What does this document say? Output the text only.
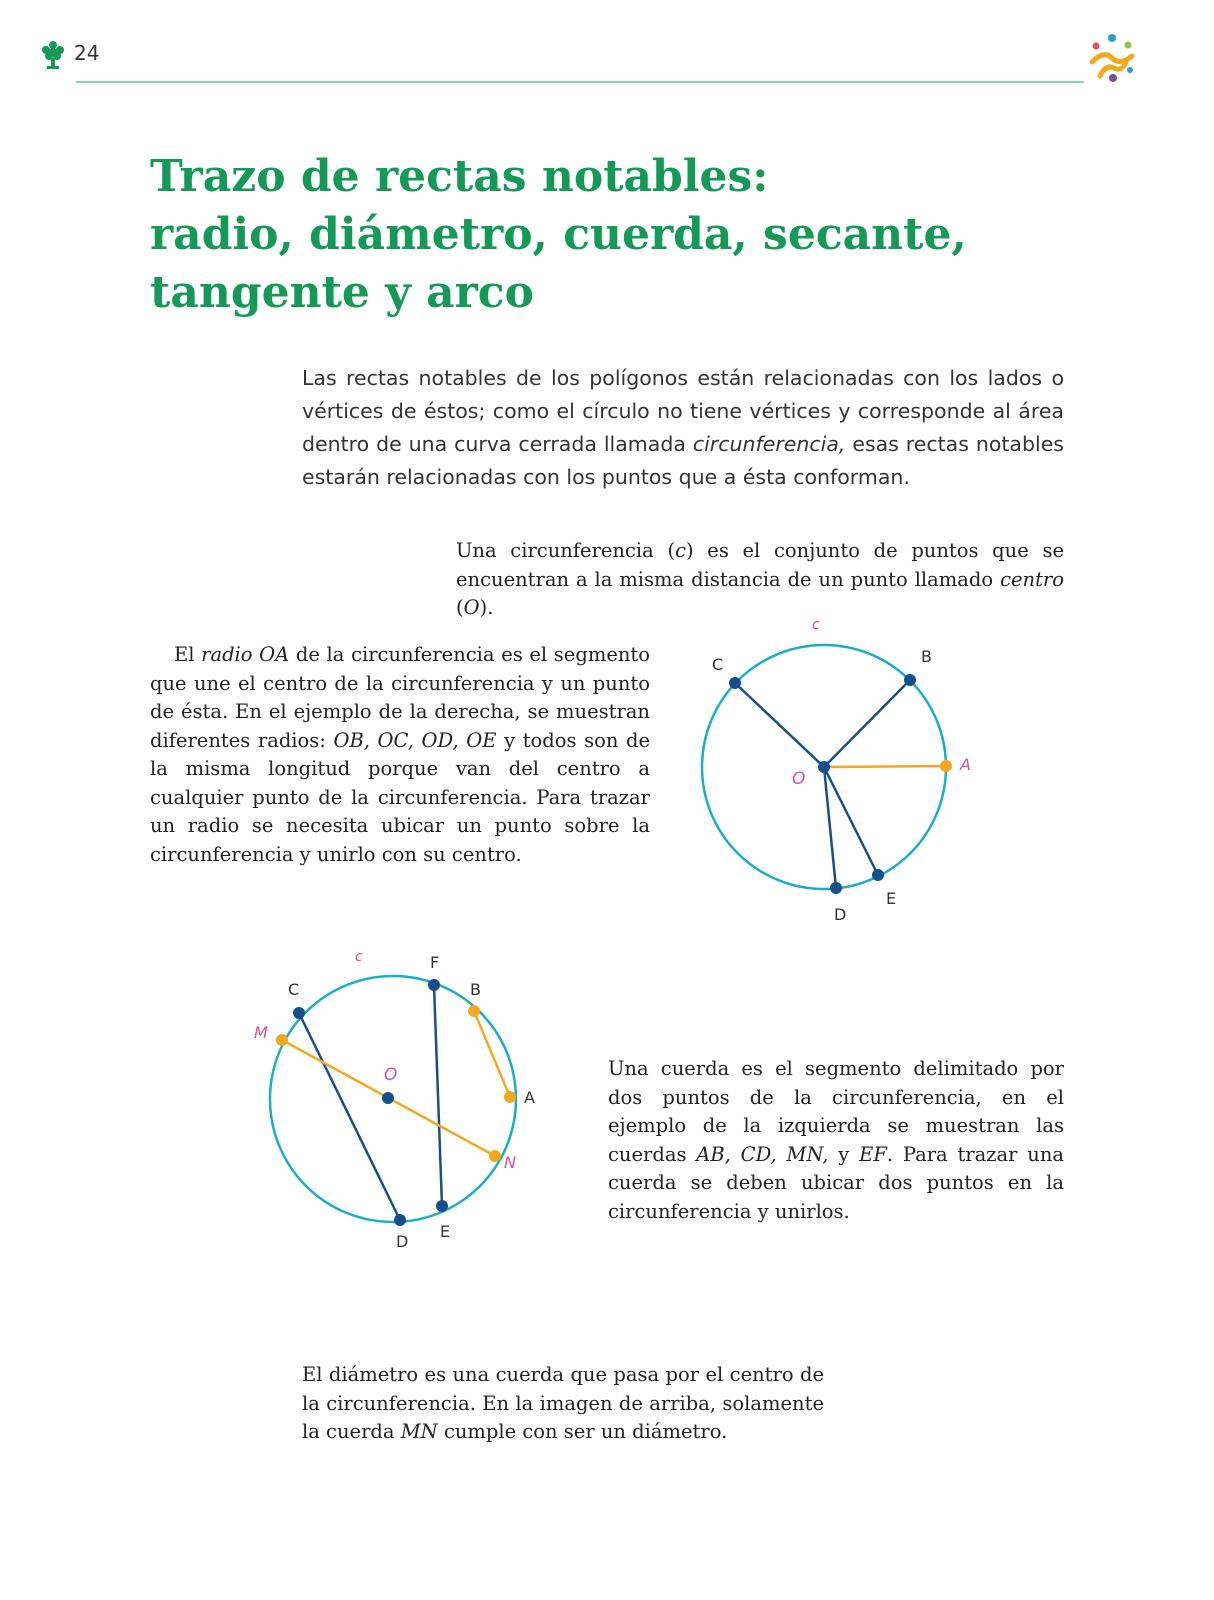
24
Trazo de rectas notables:
radio, diámetro, cuerda, secante,
tangente y arco

Las rectas notables de los polígonos están relacionadas con los lados o vértices de éstos; como el círculo no tiene vértices y corresponde al área dentro de una curva cerrada llamada circunferencia, esas rectas notables estarán relacionadas con los puntos que a ésta conforman.

Una circunferencia (c) es el conjunto de puntos que se encuentran a la misma distancia de un punto llamado centro (O).

El radio OA de la circunferencia es el segmento que une el centro de la circunferencia y un punto de ésta. En el ejemplo de la derecha, se muestran diferentes radios: OB, OC, OD, OE y todos son de la misma longitud porque van del centro a cualquier punto de la circunferencia. Para trazar un radio se necesita ubicar un punto sobre la circunferencia y unirlo con su centro.

c
C	B
A
O
E
D
c	F
B
C
M
O
A
N
E
D

Una cuerda es el segmento delimitado por dos puntos de la circunferencia, en el ejemplo de la izquierda se muestran las cuerdas AB, CD, MN, y EF. Para trazar una cuerda se deben ubicar dos puntos en la circunferencia y unirlos.

El diámetro es una cuerda que pasa por el centro de la circunferencia. En la imagen de arriba, solamente la cuerda MN cumple con ser un diámetro.
